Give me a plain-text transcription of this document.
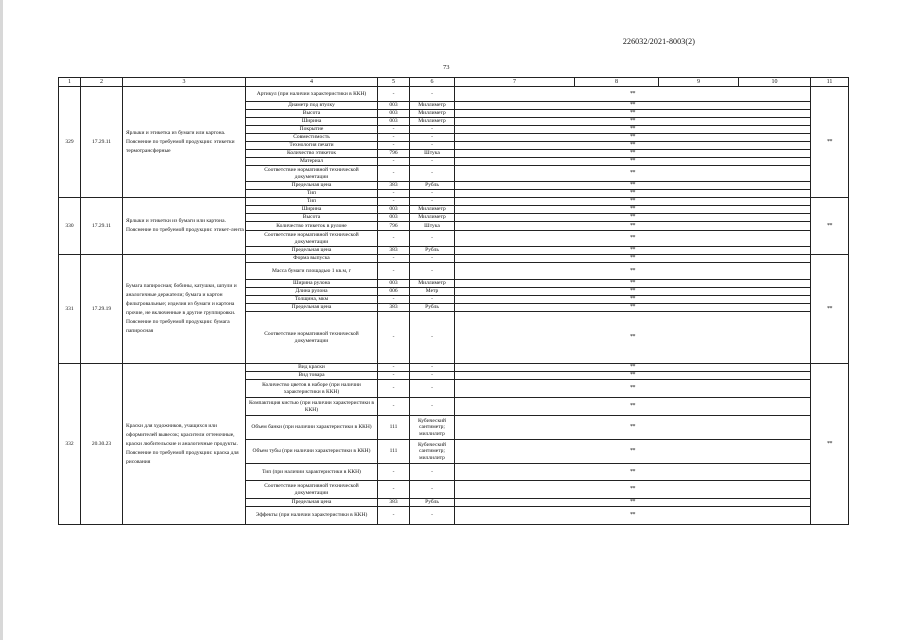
226032/2021-8003(2)
73
1	2	3	4	5	6	7	8	9	10	11
329	17.29.11	Ярлыки и этикетка из бумаги или картона. Пояснение по требуемой продукции: этикетки термотрансферные	Артикул (при наличии характеристики в ККН)	-	-	**				**
			Диаметр под втулку	003	Миллиметр	**				
			Высота	003	Миллиметр	**				
			Ширина	003	Миллиметр	**				
			Покрытие	-	-	**				
			Совместимость	-	-	**				
			Технология печати	-	-	**				
			Количество этикеток	796	Штука	**				
			Материал	-	-	**				
			Соответствие нормативной технической документации	-	-	**				
			Предельная цена	383	Рубль	**				
			Тип	-	-	**				
330	17.29.11	Ярлыки и этикетки из бумаги или картона. Пояснение по требуемой продукции: этикет-лента	Тип	-	-	**				**
			Ширина	003	Миллиметр	**				
			Высота	003	Миллиметр	**				
			Количество этикеток в рулоне	796	Штука	**				
			Соответствие нормативной технической документации	-	-	**				
			Предельная цена	383	Рубль	**				
331	17.29.19	Бумага папиросная; бобины, катушки, шпули и аналогичные держатели; бумага и картон фильтровальные; изделия из бумаги и картона прочие, не включенные в другие группировки. Пояснение по требуемой продукции: бумага папиросная	Форма выпуска	-	-	**				**
			Масса бумаги площадью 1 кв.м, г	-	-	**				
			Ширина рулона	003	Миллиметр	**				
			Длина рулона	006	Метр	**				
			Толщина, мкм	-	-	**				
			Предельная цена	383	Рубль	**				
			Соответствие нормативной технической документации	-	-	**				
332	20.30.23	Краски для художников, учащихся или оформителей вывесок; красители оттеночные, краски любительские и аналогичные продукты. Пояснение по требуемой продукции: краска для рисования	Вид краски	-	-	**				**
			Вид товара	-	-	**				
			Количество цветов в наборе (при наличии характеристики в ККН)	-	-	**				
			Компактиция кистью (при наличии характеристики в ККН)	-	-	**				
			Объем банки (при наличии характеристики в ККН)	111	Кубический сантиметр; миллилитр	**				
			Объем тубы (при наличии характеристики в ККН)	111	Кубический сантиметр; миллилитр	**				
			Тип (при наличии характеристики в ККН)	-	-	**				
			Соответствие нормативной технической документации	-	-	**				
			Предельная цена	383	Рубль	**				
			Эффекты (при наличии характеристики в ККН)	-	-	**				
